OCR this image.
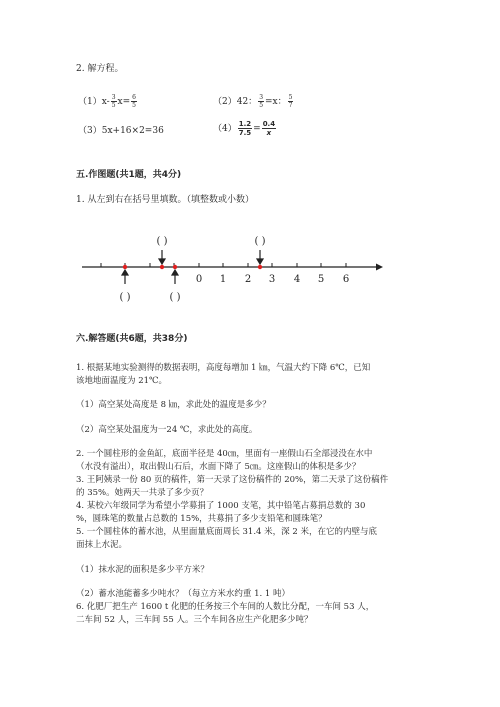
2. 解方程。
$(1)x- \frac{3}{5} x= \frac{6}{5}$	（2）42： $\frac{3}{5} =x$： $\frac{5}{7}$
（3）5x+16×2=36	$(4) \frac{1.2}{7.5} = \frac{0.4}{x}$
五.作图题(共1题，共4分)
1. 从左到右在括号里填数。（填整数或小数）
0 1 2 3 4 5 6
( )	( )
( )	( )
六.解答题(共6题，共38分)
1. 根据某地实验测得的数据表明，高度每增加 1 ㎞，气温大约下降 6℃，已知
该地地面温度为 21℃。
（1）高空某处高度是 8 ㎞，求此处的温度是多少？
（2）高空某处温度为一24 ℃，求此处的高度。
2. 一个圆柱形的金鱼缸，底面半径是 40㎝，里面有一座假山石全部浸没在水中
（水没有溢出），取出假山石后，水面下降了 5㎝。这座假山的体积是多少？
3. 王阿姨录一份 80 页的稿件，第一天录了这份稿件的 20%，第二天录了这份稿件
的 35%。她两天一共录了多少页？
4. 某校六年级同学为希望小学募捐了 1000 支笔，其中铅笔占募捐总数的 30
%，圆珠笔的数量占总数的 15%，共募捐了多少支铅笔和圆珠笔？
5. 一个圆柱体的蓄水池，从里面量底面周长 31.4 米，深 2 米，在它的内壁与底
面抹上水泥。
（1）抹水泥的面积是多少平方米？
（2）蓄水池能蓄多少吨水？（每立方米水约重 1. 1 吨）
6. 化肥厂把生产 1600 t 化肥的任务按三个车间的人数比分配，一车间 53 人，
二车间 52 人，三车间 55 人。三个车间各应生产化肥多少吨？
